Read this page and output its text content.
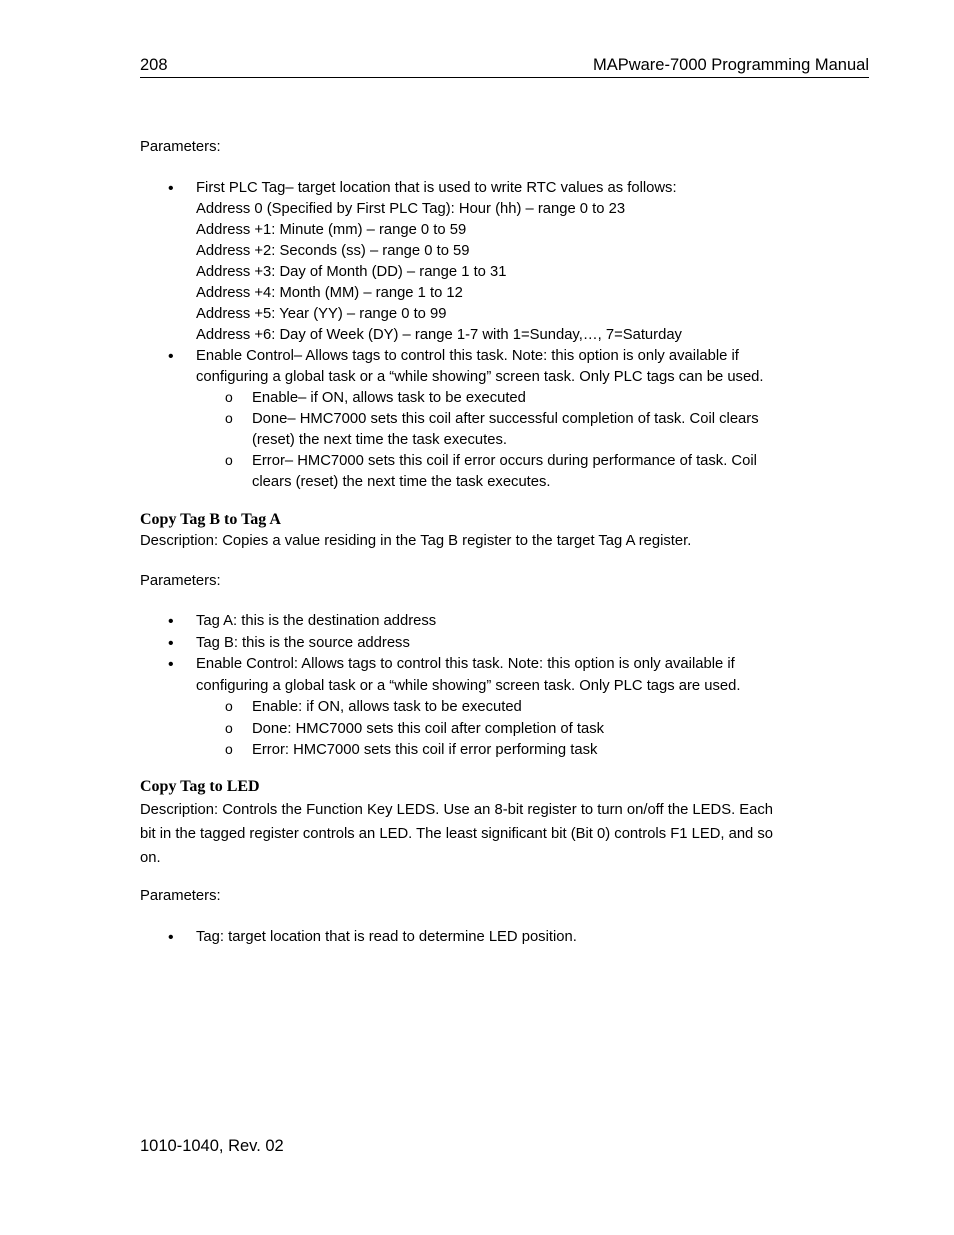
208	MAPware-7000 Programming Manual

Parameters:

• First PLC Tag– target location that is used to write RTC values as follows:
Address 0 (Specified by First PLC Tag): Hour (hh) – range 0 to 23
Address +1: Minute (mm) – range 0 to 59
Address +2: Seconds (ss) – range 0 to 59
Address +3: Day of Month (DD) – range 1 to 31
Address +4: Month (MM) – range 1 to 12
Address +5: Year (YY) – range 0 to 99
Address +6: Day of Week (DY) – range 1-7 with 1=Sunday,…, 7=Saturday
• Enable Control– Allows tags to control this task. Note: this option is only available if
configuring a global task or a “while showing” screen task. Only PLC tags can be used.
o Enable– if ON, allows task to be executed
o Done– HMC7000 sets this coil after successful completion of task. Coil clears
(reset) the next time the task executes.
o Error– HMC7000 sets this coil if error occurs during performance of task. Coil
clears (reset) the next time the task executes.
Copy Tag B to Tag A

Description: Copies a value residing in the Tag B register to the target Tag A register.

Parameters:

• Tag A: this is the destination address
• Tag B: this is the source address
• Enable Control: Allows tags to control this task. Note: this option is only available if
configuring a global task or a “while showing” screen task. Only PLC tags are used.
o Enable: if ON, allows task to be executed
o Done: HMC7000 sets this coil after completion of task
o Error: HMC7000 sets this coil if error performing task
Copy Tag to LED

Description: Controls the Function Key LEDS. Use an 8-bit register to turn on/off the LEDS. Each
bit in the tagged register controls an LED. The least significant bit (Bit 0) controls F1 LED, and so
on.

Parameters:

• Tag: target location that is read to determine LED position.
1010-1040, Rev. 02
